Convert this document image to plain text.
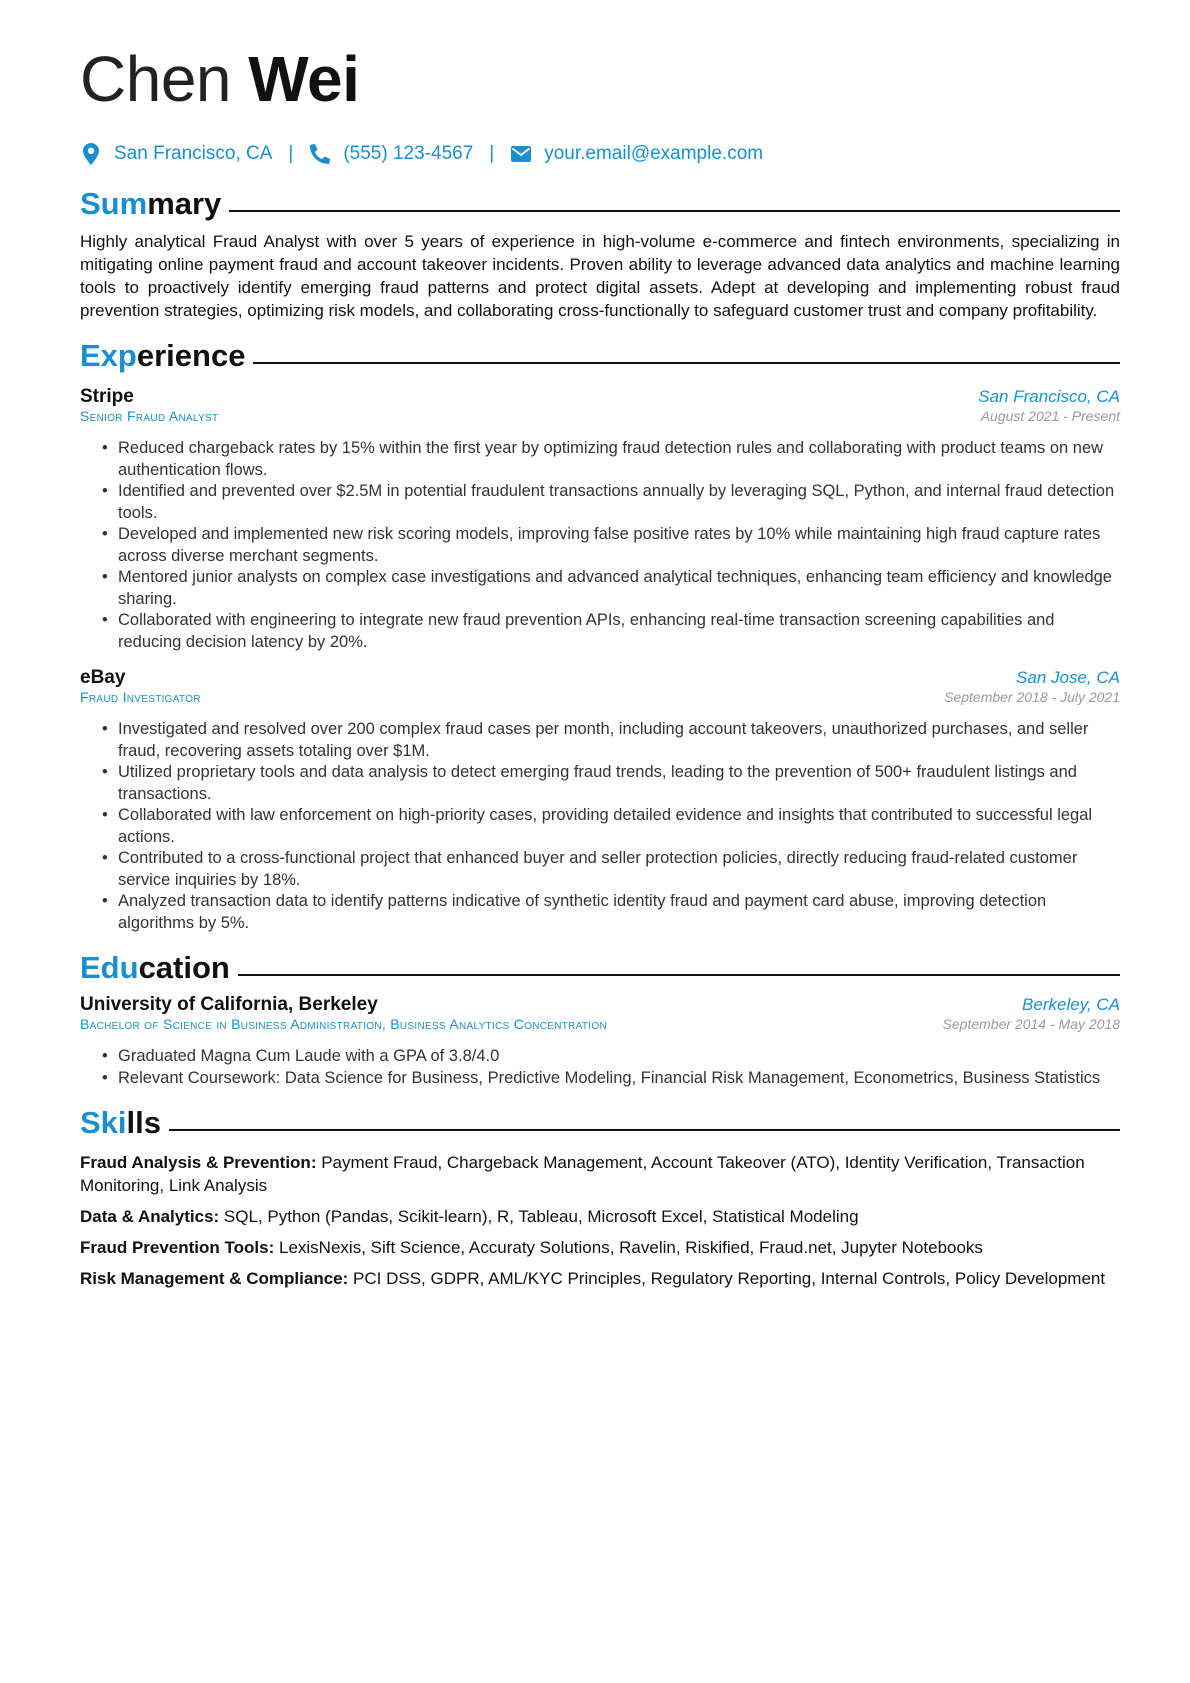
Chen Wei
San Francisco, CA |	(555) 123-4567 |	your.email@example.com
Summary
Highly analytical Fraud Analyst with over 5 years of experience in high-volume e-commerce and fintech environments, specializing in mitigating online payment fraud and account takeover incidents. Proven ability to leverage advanced data analytics and machine learning tools to proactively identify emerging fraud patterns and protect digital assets. Adept at developing and implementing robust fraud prevention strategies, optimizing risk models, and collaborating cross-functionally to safeguard customer trust and company profitability.
Experience
Stripe	San Francisco, CA
Senior Fraud Analyst	August 2021 - Present
• Reduced chargeback rates by 15% within the first year by optimizing fraud detection rules and collaborating with product teams on new authentication flows.
• Identified and prevented over $2.5M in potential fraudulent transactions annually by leveraging SQL, Python, and internal fraud detection tools.
• Developed and implemented new risk scoring models, improving false positive rates by 10% while maintaining high fraud capture rates across diverse merchant segments.
• Mentored junior analysts on complex case investigations and advanced analytical techniques, enhancing team efficiency and knowledge sharing.
• Collaborated with engineering to integrate new fraud prevention APIs, enhancing real-time transaction screening capabilities and reducing decision latency by 20%.
eBay	San Jose, CA
Fraud Investigator	September 2018 - July 2021
• Investigated and resolved over 200 complex fraud cases per month, including account takeovers, unauthorized purchases, and seller fraud, recovering assets totaling over $1M.
• Utilized proprietary tools and data analysis to detect emerging fraud trends, leading to the prevention of 500+ fraudulent listings and transactions.
• Collaborated with law enforcement on high-priority cases, providing detailed evidence and insights that contributed to successful legal actions.
• Contributed to a cross-functional project that enhanced buyer and seller protection policies, directly reducing fraud-related customer service inquiries by 18%.
• Analyzed transaction data to identify patterns indicative of synthetic identity fraud and payment card abuse, improving detection algorithms by 5%.
Education
University of California, Berkeley	Berkeley, CA
Bachelor of Science in Business Administration, Business Analytics Concentration	September 2014 - May 2018
• Graduated Magna Cum Laude with a GPA of 3.8/4.0
• Relevant Coursework: Data Science for Business, Predictive Modeling, Financial Risk Management, Econometrics, Business Statistics
Skills
Fraud Analysis & Prevention: Payment Fraud, Chargeback Management, Account Takeover (ATO), Identity Verification, Transaction Monitoring, Link Analysis
Data & Analytics: SQL, Python (Pandas, Scikit-learn), R, Tableau, Microsoft Excel, Statistical Modeling
Fraud Prevention Tools: LexisNexis, Sift Science, Accuraty Solutions, Ravelin, Riskified, Fraud.net, Jupyter Notebooks
Risk Management & Compliance: PCI DSS, GDPR, AML/KYC Principles, Regulatory Reporting, Internal Controls, Policy Development
